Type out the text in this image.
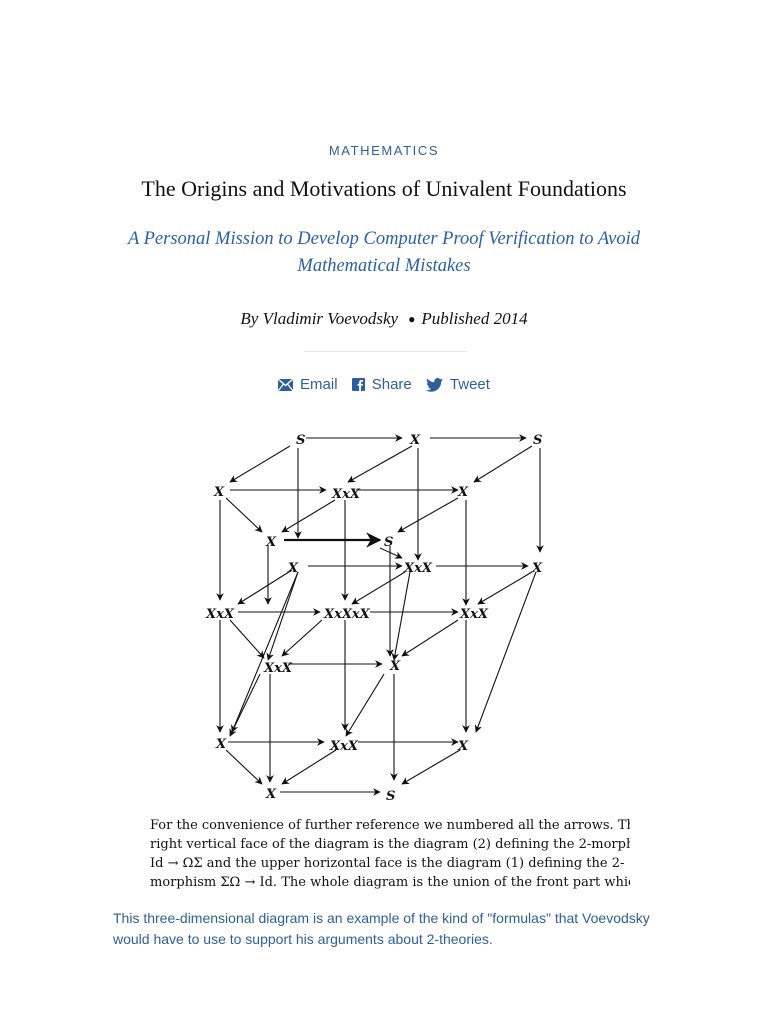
MATHEMATICS
The Origins and Motivations of Univalent Foundations
A Personal Mission to Develop Computer Proof Verification to Avoid Mathematical Mistakes
By Vladimir Voevodsky ● Published 2014
Email Share	Tweet
S	X	S
X	XxX	X
X	S
X	XxX	X
XxX	XxXxX	XxX
XxX	X
X	XxX	X
X	S
For the convenience of further reference we numbered all the arrows. The
right vertical face of the diagram is the diagram (2) defining the 2-morphism
Id → ΩΣ and the upper horizontal face is the diagram (1) defining the 2-
morphism ΣΩ → Id. The whole diagram is the union of the front part which
This three-dimensional diagram is an example of the kind of "formulas" that Voevodsky would have to use to support his arguments about 2-theories.
